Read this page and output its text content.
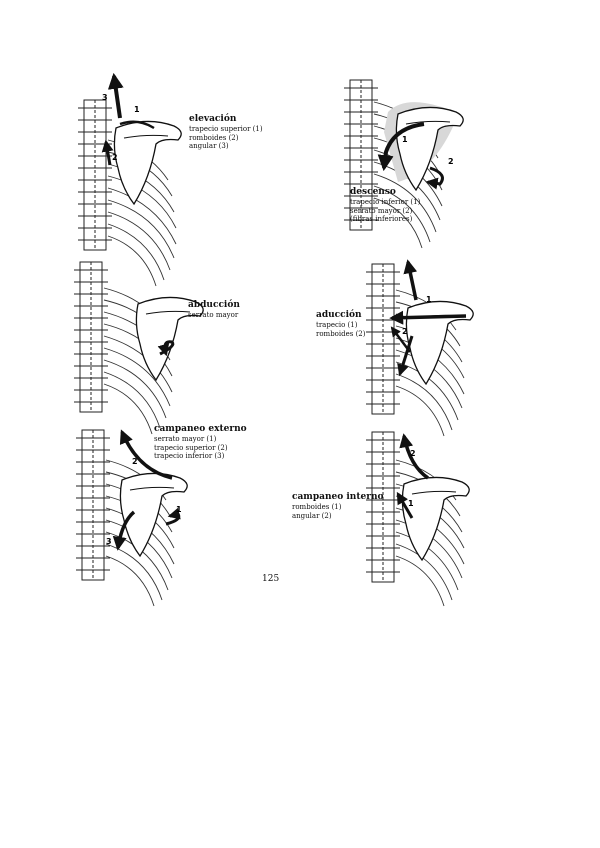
3
1
2
elevación
trapecio superior (1)
romboides (2)
angular (3)
1
2
descenso
trapecio inferior (1)
serrato mayor (2)
(fibras inferiores)
abducción
serrato mayor
1
2
aducción
trapecio (1)
romboides (2)
2
1
3
campaneo externo
serrato mayor (1)
trapecio superior (2)
trapecio inferior (3)	2
1
campaneo interno
romboides (1)
angular (2)
125
